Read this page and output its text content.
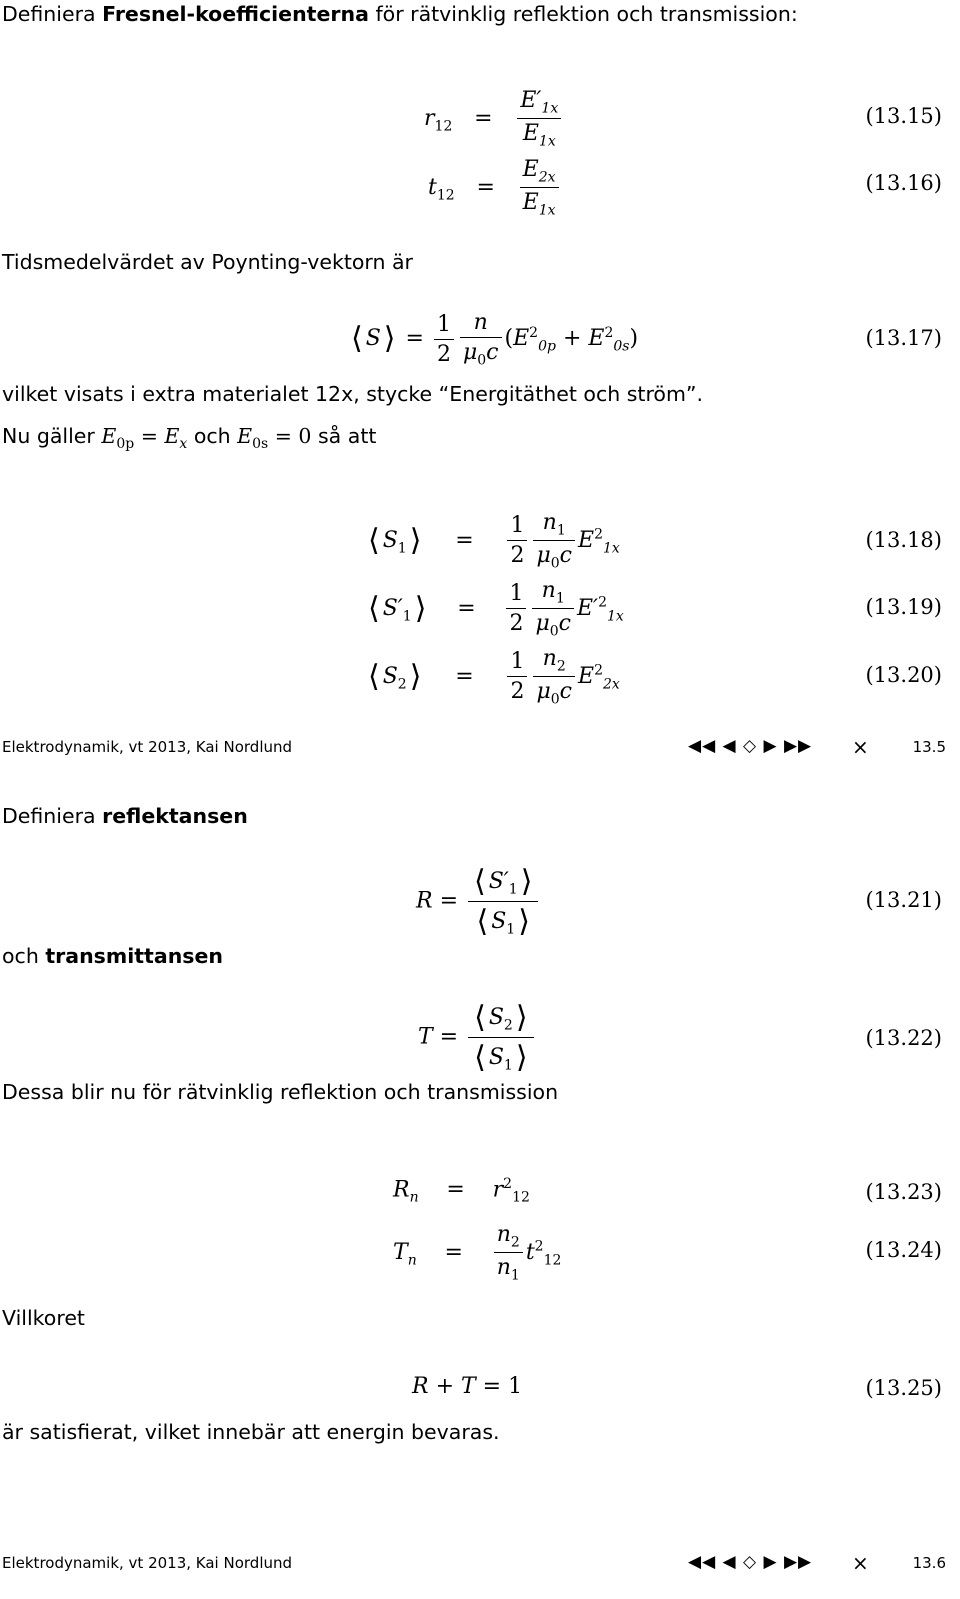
Definiera Fresnel-koefficienterna för rätvinklig reflektion och transmission:
$r_{12} = \frac{E'_{1x}}{E_{1x}}$	(13.15)
$t_{12} = \frac{E_{2x}}{E_{1x}}$	(13.16)
Tidsmedelvärdet av Poynting-vektorn är
⟨ S ⟩ = $\frac{1}{2} \frac{n}{\mu_0c} (E^2_{0p} + E^2_{0s})$	(13.17)
vilket visats i extra materialet 12x, stycke “Energitäthet och ström”.
Nu gäller $E_{0p} = E_x$ och $E_{0s} = 0$ så att
⟨ $S_1$ ⟩ = $\frac{1}{2} \frac{n_1}{\mu_0c} E^2_{1x}$	(13.18)
⟨ $S'_1$ ⟩ = $\frac{1}{2} \frac{n_1}{\mu_0c} E'^2_{1x}$	(13.19)
⟨ $S_2$ ⟩ = $\frac{1}{2} \frac{n_2}{\mu_0c} E^2_{2x}$	(13.20)
Elektrodynamik, vt 2013, Kai Nordlund	◀◀ ◀ ◇ ▶ ▶▶ ×	13.5
Definiera reflektansen
$R = \frac{⟨ S'_1 ⟩}{⟨ S_1 ⟩}$	(13.21)
och transmittansen
$T = \frac{⟨ S_2 ⟩}{⟨ S_1 ⟩}$	(13.22)
Dessa blir nu för rätvinklig reflektion och transmission
$R_n = r^2_{12}$	(13.23)
$T_n = \frac{n_2}{n_1} t^2_{12}$	(13.24)
Villkoret
R + T = 1	(13.25)
är satisfierat, vilket innebär att energin bevaras.
Elektrodynamik, vt 2013, Kai Nordlund	◀◀ ◀ ◇ ▶ ▶▶ ×	13.6
